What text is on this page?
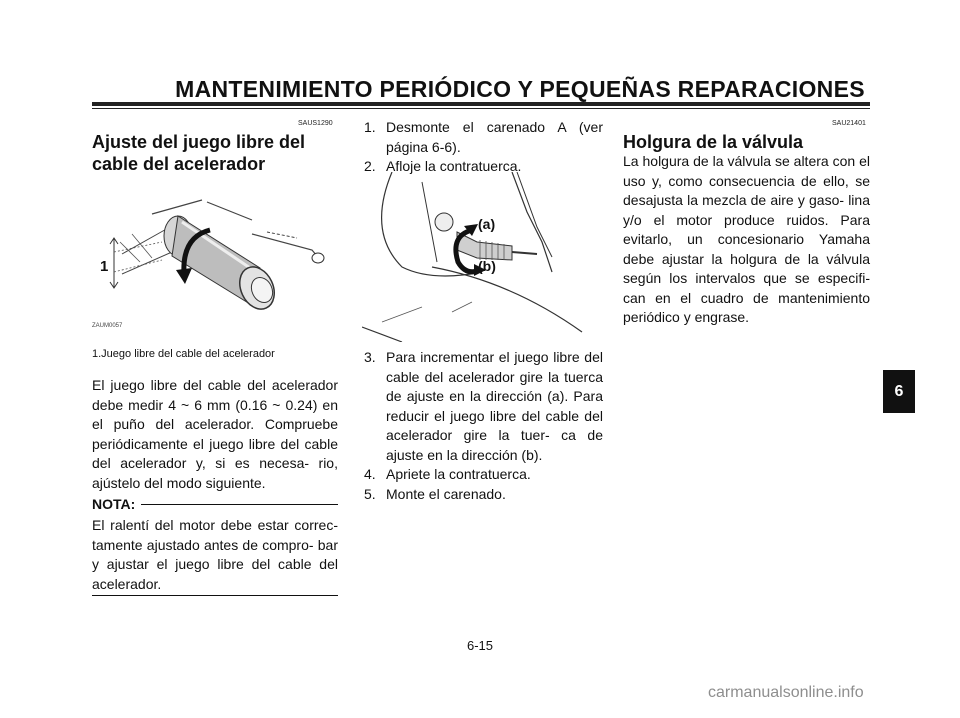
MANTENIMIENTO PERIÓDICO Y PEQUEÑAS REPARACIONES
SAUS1290
Ajuste del juego libre del
cable del acelerador
1
ZAUM0057
1.Juego libre del cable del acelerador

El juego libre del cable del acelerador debe medir 4 ~ 6 mm (0.16 ~ 0.24) en el puño del acelerador. Compruebe periódicamente el juego libre del cable del acelerador y, si es necesa- rio, ajústelo del modo siguiente.

NOTA:

El ralentí del motor debe estar correc- tamente ajustado antes de compro- bar y ajustar el juego libre del cable del acelerador.

1. Desmonte el carenado A (ver página 6-6).
2. Afloje la contratuerca.
(a)
(b)
3. Para incrementar el juego libre del cable del acelerador gire la tuerca de ajuste en la dirección (a). Para reducir el juego libre del cable del acelerador gire la tuer- ca de ajuste en la dirección (b).
4. Apriete la contratuerca.
5. Monte el carenado.
SAU21401
Holgura de la válvula

La holgura de la válvula se altera con el uso y, como consecuencia de ello, se desajusta la mezcla de aire y gaso- lina y/o el motor produce ruidos. Para evitarlo, un concesionario Yamaha debe ajustar la holgura de la válvula según los intervalos que se especifi- can en el cuadro de mantenimiento periódico y engrase.

6
6-15
carmanualsonline.info
